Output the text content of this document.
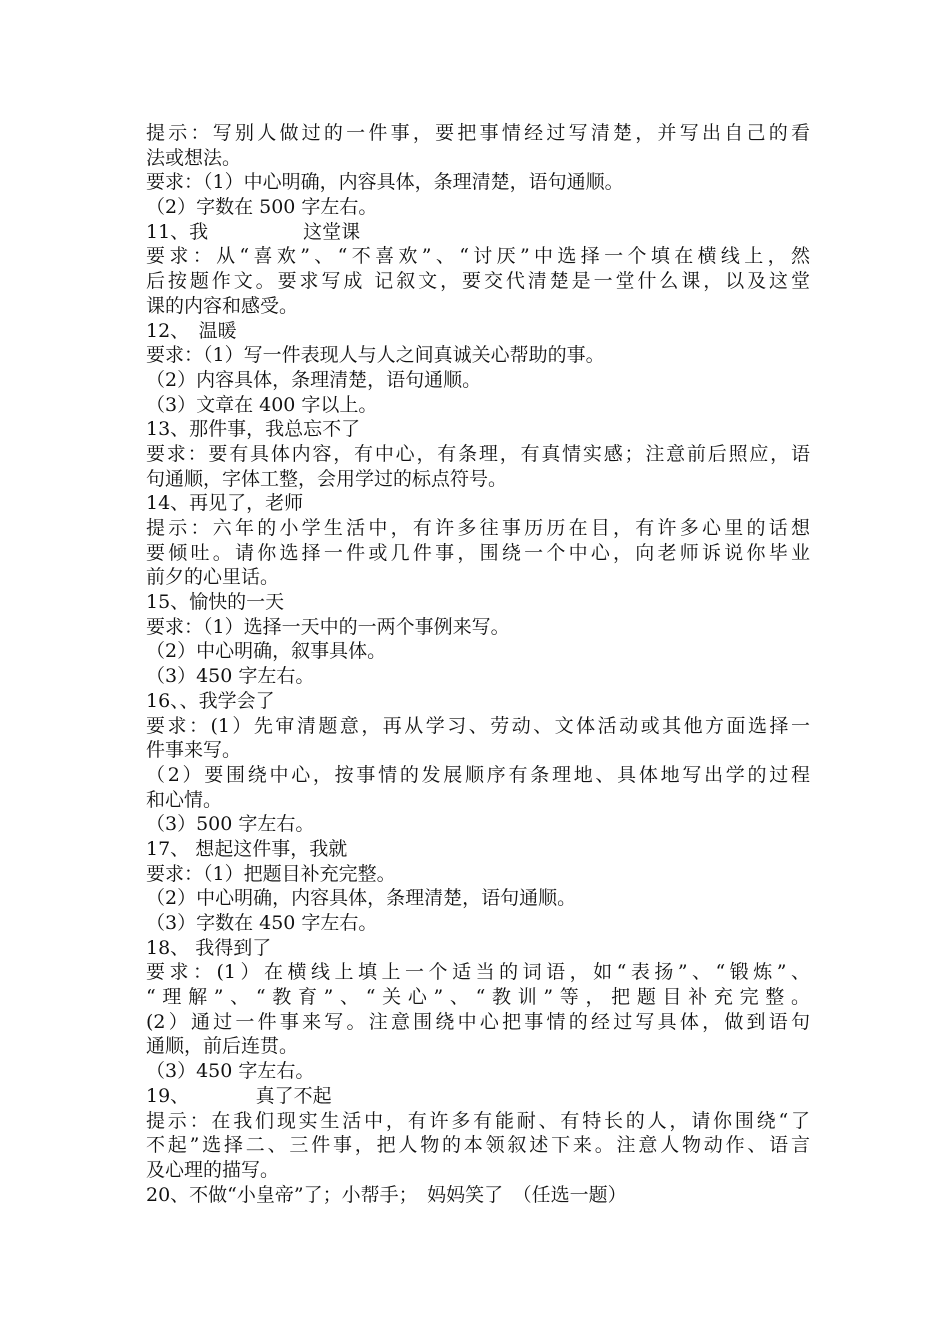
提示：写别人做过的一件事，要把事情经过写清楚，并写出自己的看
法或想法。
要求：（1）中心明确，内容具体，条理清楚，语句通顺。
（2）字数在 500 字左右。
11、我　　　　　这堂课
要求：从“喜欢”、“不喜欢”、“讨厌”中选择一个填在横线上，然
后按题作文。要求写成 记叙文，要交代清楚是一堂什么课，以及这堂
课的内容和感受。
12、　温暖
要求：（1）写一件表现人与人之间真诚关心帮助的事。
（2）内容具体，条理清楚，语句通顺。
（3）文章在 400 字以上。
13、那件事，我总忘不了
要求：要有具体内容，有中心，有条理，有真情实感；注意前后照应，语
句通顺，字体工整，会用学过的标点符号。
14、再见了，老师
提示：六年的小学生活中，有许多往事历历在目，有许多心里的话想
要倾吐。请你选择一件或几件事，围绕一个中心，向老师诉说你毕业
前夕的心里话。
15、愉快的一天
要求：（1）选择一天中的一两个事例来写。
（2）中心明确，叙事具体。
（3）450 字左右。
16、、我学会了
要求：(1）先审清题意，再从学习、劳动、文体活动或其他方面选择一
件事来写。
（2）要围绕中心，按事情的发展顺序有条理地、具体地写出学的过程
和心情。
（3）500 字左右。
17、 想起这件事，我就
要求：（1）把题目补充完整。
（2）中心明确，内容具体，条理清楚，语句通顺。
（3）字数在 450 字左右。
18、 我得到了
要求：(1）在横线上填上一个适当的词语，如“表扬”、“锻炼”、
“理解”、“教育”、“关心”、“教训”等，把题目补充完整。
(2）通过一件事来写。注意围绕中心把事情的经过写具体，做到语句
通顺，前后连贯。
（3）450 字左右。
19、　　　　真了不起
提示：在我们现实生活中，有许多有能耐、有特长的人，请你围绕“了
不起”选择二、三件事，把人物的本领叙述下来。注意人物动作、语言
及心理的描写。
20、不做“小皇帝”了；小帮手；　妈妈笑了　（任选一题）
